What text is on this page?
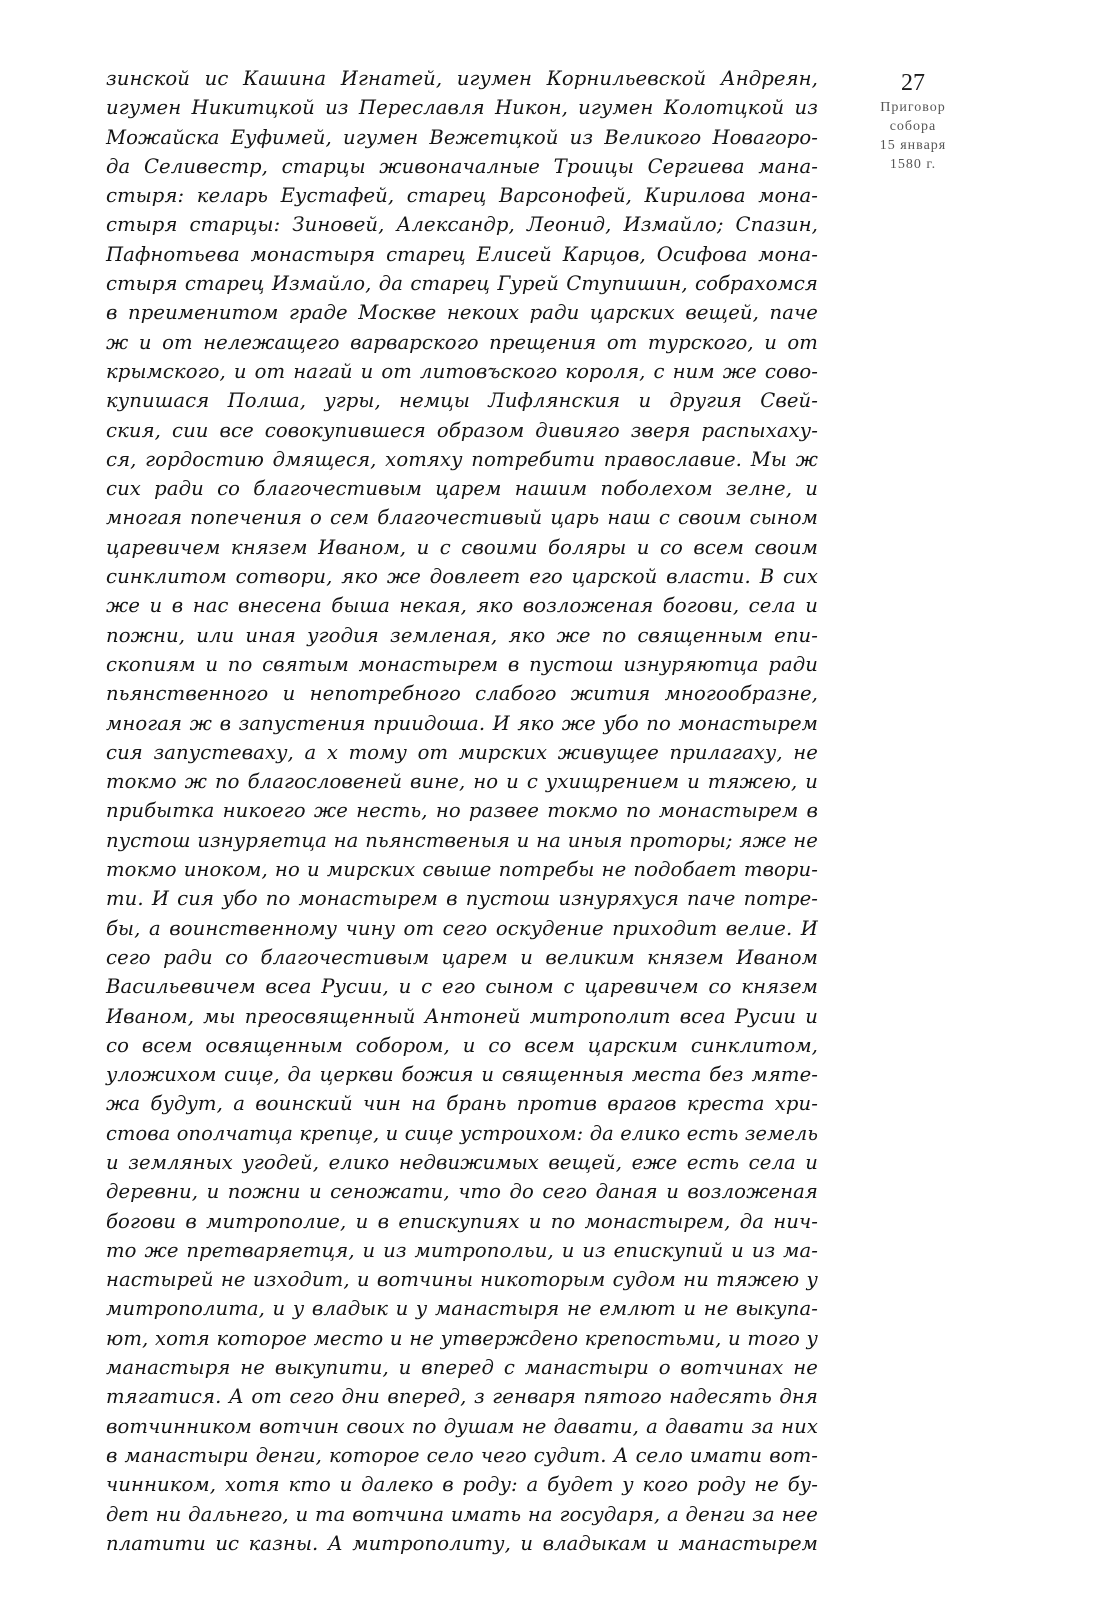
зинской ис Кашина Игнатей, игумен Корнильевской Андреян,
игумен Никитцкой из Переславля Никон, игумен Колотцкой из
Можайска Еуфимей, игумен Вежетцкой из Великого Новагоро-
да Селивестр, старцы живоначалные Троицы Сергиева мана-
стыря: келарь Еустафей, старец Варсонофей, Кирилова мона-
стыря старцы: Зиновей, Александр, Леонид, Измайло; Спазин,
Пафнотьева монастыря старец Елисей Карцов, Осифова мона-
стыря старец Измайло, да старец Гурей Ступишин, собрахомся
в преименитом граде Москве некоих ради царских вещей, паче
ж и от нележащего варварского прещения от турского, и от
крымского, и от нагай и от литовъского короля, с ним же сово-
купишася Полша, угры, немцы Лифлянския и другия Свей-
ския, сии все совокупившеся образом дивияго зверя распыхаху-
ся, гордостию дмящеся, хотяху потребити православие. Мы ж
сих ради со благочестивым царем нашим поболехом зелне, и
многая попечения о сем благочестивый царь наш с своим сыном
царевичем князем Иваном, и с своими боляры и со всем своим
синклитом сотвори, яко же довлеет его царской власти. В сих
же и в нас внесена быша некая, яко возложеная богови, села и
пожни, или иная угодия земленая, яко же по священным епи-
скопиям и по святым монастырем в пустош изнуряютца ради
пьянственного и непотребного слабого жития многообразне,
многая ж в запустения приидоша. И яко же убо по монастырем
сия запустеваху, а х тому от мирских живущее прилагаху, не
токмо ж по благословеней вине, но и с ухищрением и тяжею, и
прибытка никоего же несть, но развее токмо по монастырем в
пустош изнуряетца на пьянственыя и на иныя проторы; яже не
токмо иноком, но и мирских свыше потребы не подобает твори-
ти. И сия убо по монастырем в пустош изнуряхуся паче потре-
бы, а воинственному чину от сего оскудение приходит велие. И
сего ради со благочестивым царем и великим князем Иваном
Васильевичем всеа Русии, и с его сыном с царевичем со князем
Иваном, мы преосвященный Антоней митрополит всеа Русии и
со всем освященным собором, и со всем царским синклитом,
уложихом сице, да церкви божия и священныя места без мяте-
жа будут, а воинский чин на брань против врагов креста хри-
стова ополчатца крепце, и сице устроихом: да елико есть земель
и земляных угодей, елико недвижимых вещей, еже есть села и
деревни, и пожни и сеножати, что до сего даная и возложеная
богови в митрополие, и в епискупиях и по монастырем, да нич-
то же претваряетця, и из митропольи, и из епискупий и из ма-
настырей не изходит, и вотчины никоторым судом ни тяжею у
митрополита, и у владык и у манастыря не емлют и не выкупа-
ют, хотя которое место и не утверждено крепостьми, и того у
манастыря не выкупити, и вперед с манастыри о вотчинах не
тягатися. А от сего дни вперед, з генваря пятого надесять дня
вотчинником вотчин своих по душам не давати, а давати за них
в манастыри денги, которое село чего судит. А село имати вот-
чинником, хотя кто и далеко в роду: а будет у кого роду не бу-
дет ни дальнего, и та вотчина имать на государя, а денги за нее
платити ис казны. А митрополиту, и владыкам и манастырем
27
Приговор
собора
15 января
1580 г.
